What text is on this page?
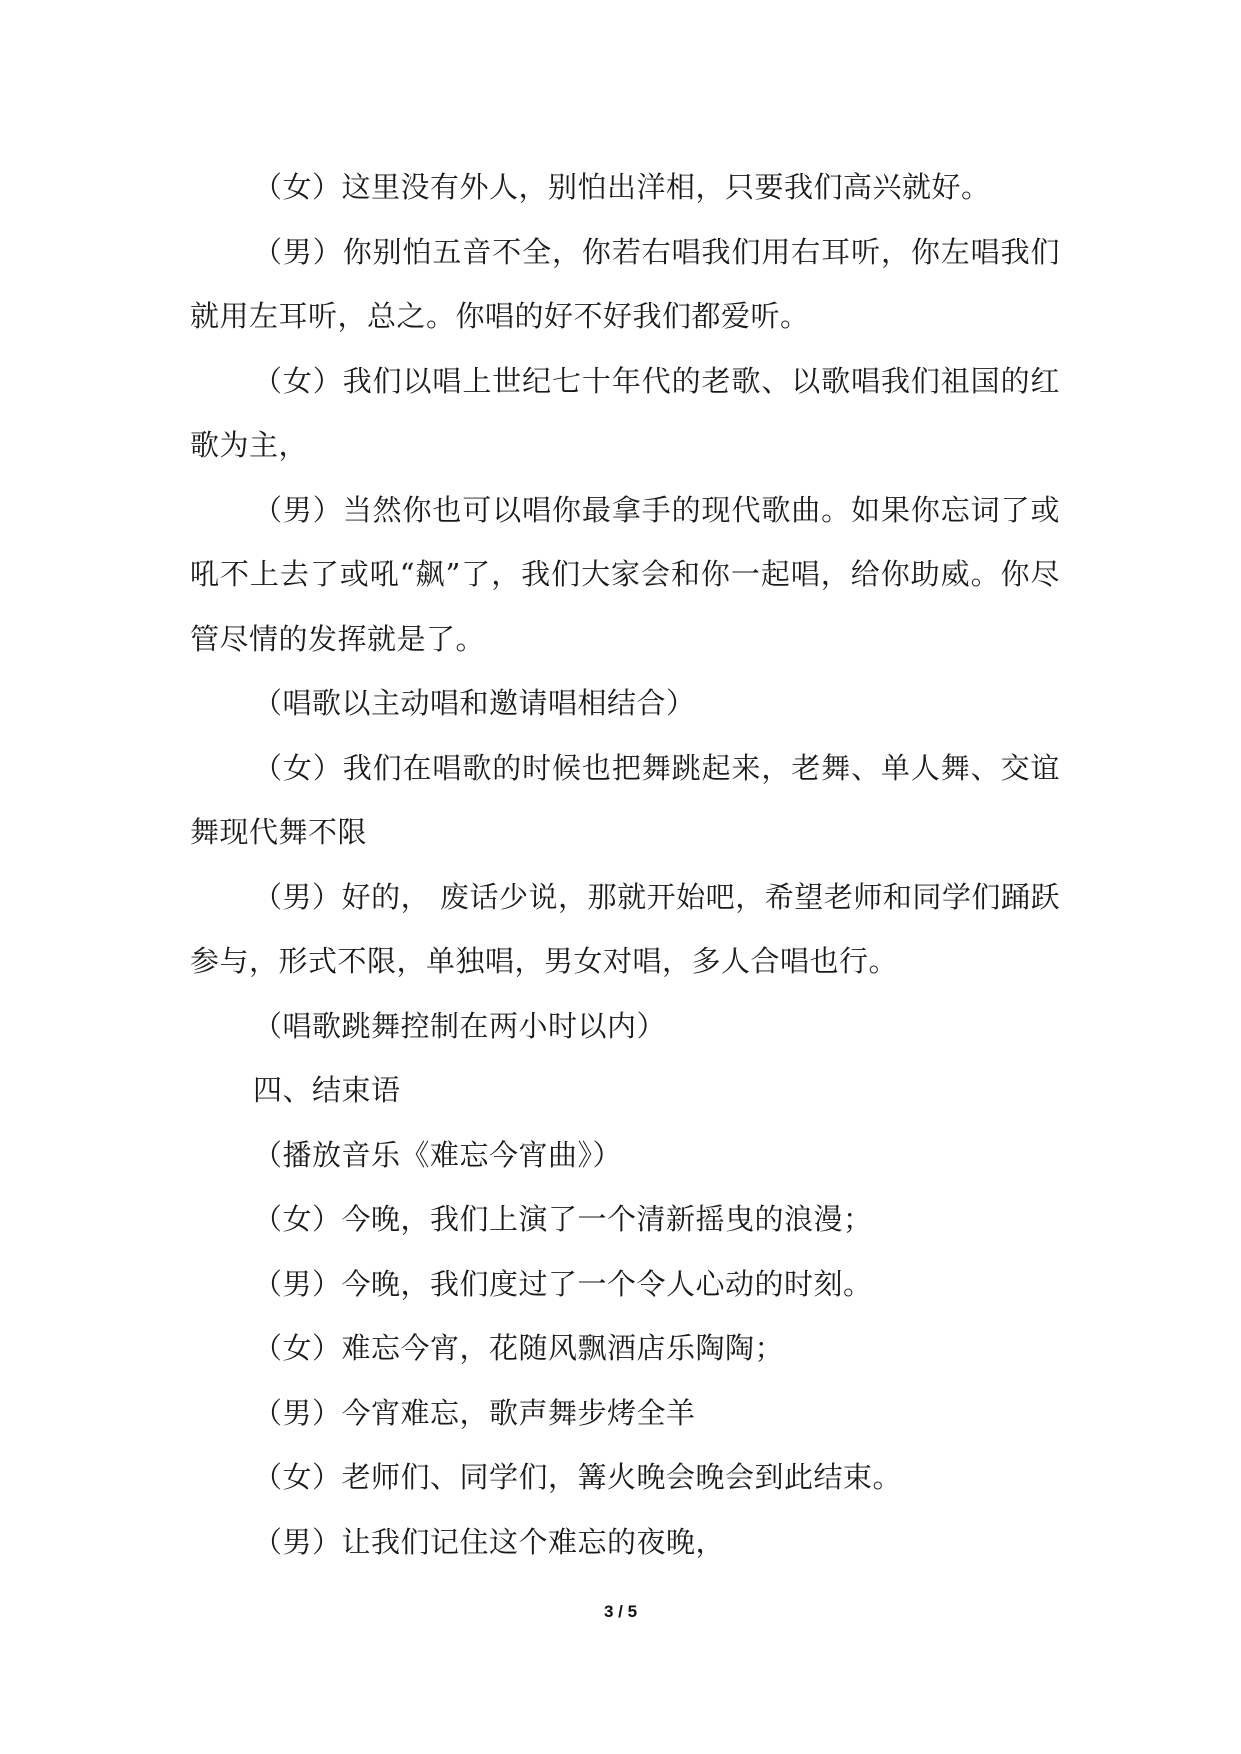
（女）这里没有外人，别怕出洋相，只要我们高兴就好。

（男）你别怕五音不全，你若右唱我们用右耳听，你左唱我们就用左耳听，总之。你唱的好不好我们都爱听。

（女）我们以唱上世纪七十年代的老歌、以歌唱我们祖国的红歌为主，

（男）当然你也可以唱你最拿手的现代歌曲。如果你忘词了或吼不上去了或吼“飙”了，我们大家会和你一起唱，给你助威。你尽管尽情的发挥就是了。

（唱歌以主动唱和邀请唱相结合）

（女）我们在唱歌的时候也把舞跳起来，老舞、单人舞、交谊舞现代舞不限

（男）好的， 废话少说，那就开始吧，希望老师和同学们踊跃参与，形式不限，单独唱，男女对唱，多人合唱也行。

（唱歌跳舞控制在两小时以内）

四、结束语

（播放音乐《难忘今宵曲》）

（女）今晚，我们上演了一个清新摇曳的浪漫；

（男）今晚，我们度过了一个令人心动的时刻。

（女）难忘今宵，花随风飘酒店乐陶陶；

（男）今宵难忘，歌声舞步烤全羊

（女）老师们、同学们，篝火晚会晚会到此结束。

（男）让我们记住这个难忘的夜晚，

3 / 5
